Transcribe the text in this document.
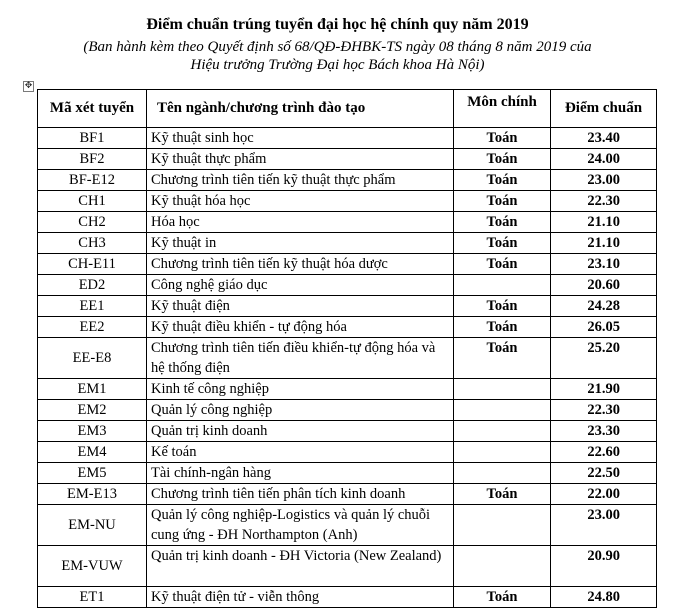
Điểm chuẩn trúng tuyển đại học hệ chính quy năm 2019
(Ban hành kèm theo Quyết định số 68/QĐ-ĐHBK-TS ngày 08 tháng 8 năm 2019 của
Hiệu trưởng Trường Đại học Bách khoa Hà Nội)
✥
Mã xét tuyển	Tên ngành/chương trình đào tạo	Môn chính	Điểm chuẩn
BF1	Kỹ thuật sinh học	Toán	23.40
BF2	Kỹ thuật thực phẩm	Toán	24.00
BF-E12	Chương trình tiên tiến kỹ thuật thực phẩm	Toán	23.00
CH1	Kỹ thuật hóa học	Toán	22.30
CH2	Hóa học	Toán	21.10
CH3	Kỹ thuật in	Toán	21.10
CH-E11	Chương trình tiên tiến kỹ thuật hóa dược	Toán	23.10
ED2	Công nghệ giáo dục		20.60
EE1	Kỹ thuật điện	Toán	24.28
EE2	Kỹ thuật điều khiển - tự động hóa	Toán	26.05
EE-E8	Chương trình tiên tiến điều khiển-tự động hóa và hệ thống điện	Toán	25.20
EM1	Kinh tế công nghiệp		21.90
EM2	Quản lý công nghiệp		22.30
EM3	Quản trị kinh doanh		23.30
EM4	Kế toán		22.60
EM5	Tài chính-ngân hàng		22.50
EM-E13	Chương trình tiên tiến phân tích kinh doanh	Toán	22.00
EM-NU	Quản lý công nghiệp-Logistics và quản lý chuỗi cung ứng - ĐH Northampton (Anh)		23.00
EM-VUW	Quản trị kinh doanh - ĐH Victoria (New Zealand)		20.90
ET1	Kỹ thuật điện tử - viễn thông	Toán	24.80
